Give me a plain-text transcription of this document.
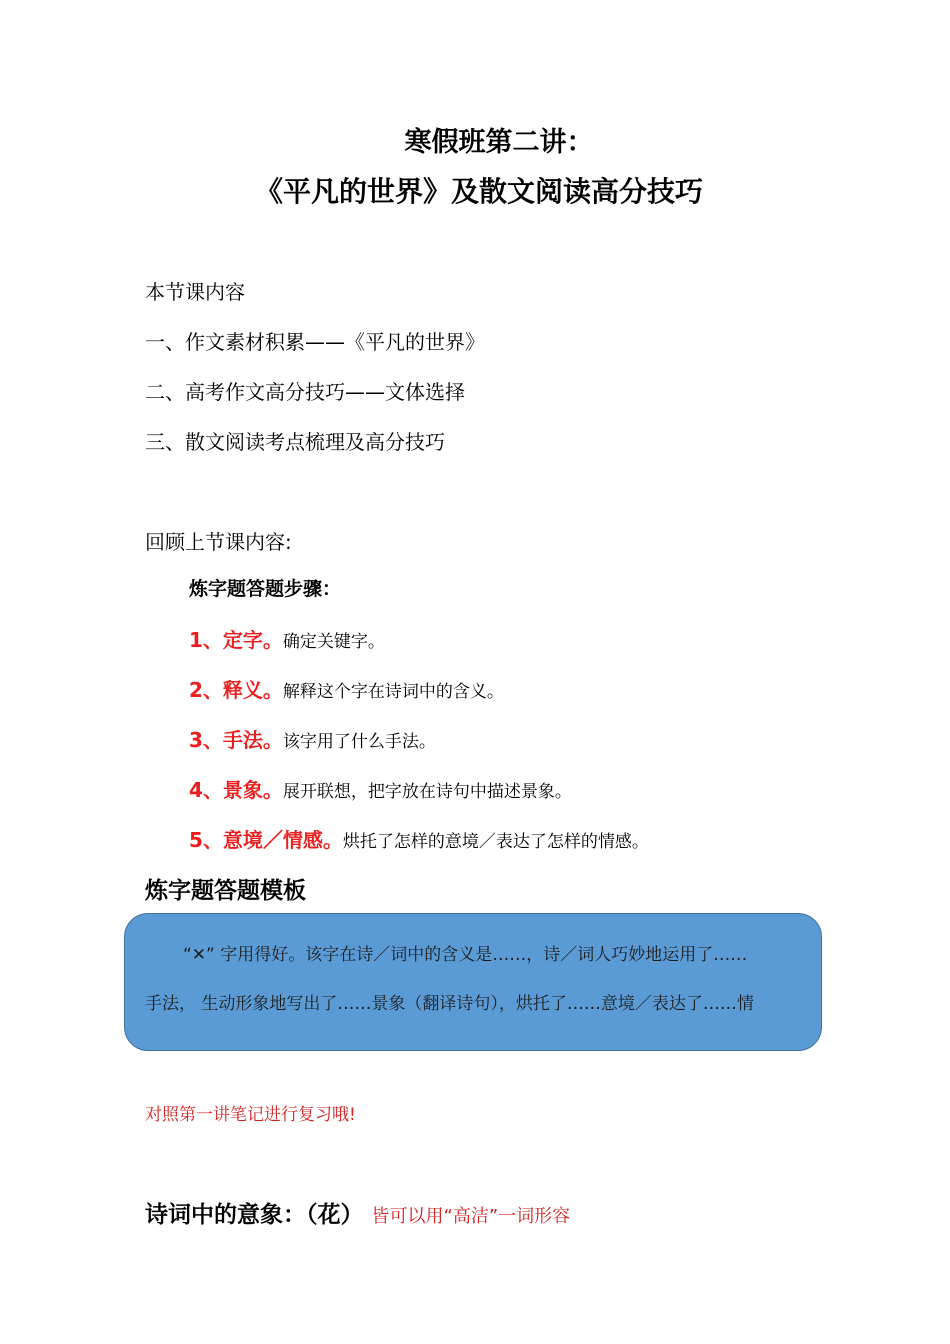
寒假班第二讲：
《平凡的世界》及散文阅读高分技巧

本节课内容

一、作文素材积累——《平凡的世界》

二、高考作文高分技巧——文体选择

三、散文阅读考点梳理及高分技巧

回顾上节课内容:

炼字题答题步骤：

1、定字。确定关键字。

2、释义。解释这个字在诗词中的含义。

3、手法。该字用了什么手法。

4、景象。展开联想，把字放在诗句中描述景象。

5、意境／情感。烘托了怎样的意境／表达了怎样的情感。

炼字题答题模板

“✕” 字用得好。该字在诗／词中的含义是……，诗／词人巧妙地运用了……

手法， 生动形象地写出了……景象（翻译诗句），烘托了……意境／表达了……情

对照第一讲笔记进行复习哦!

诗词中的意象：（花） 皆可以用“高洁”一词形容
